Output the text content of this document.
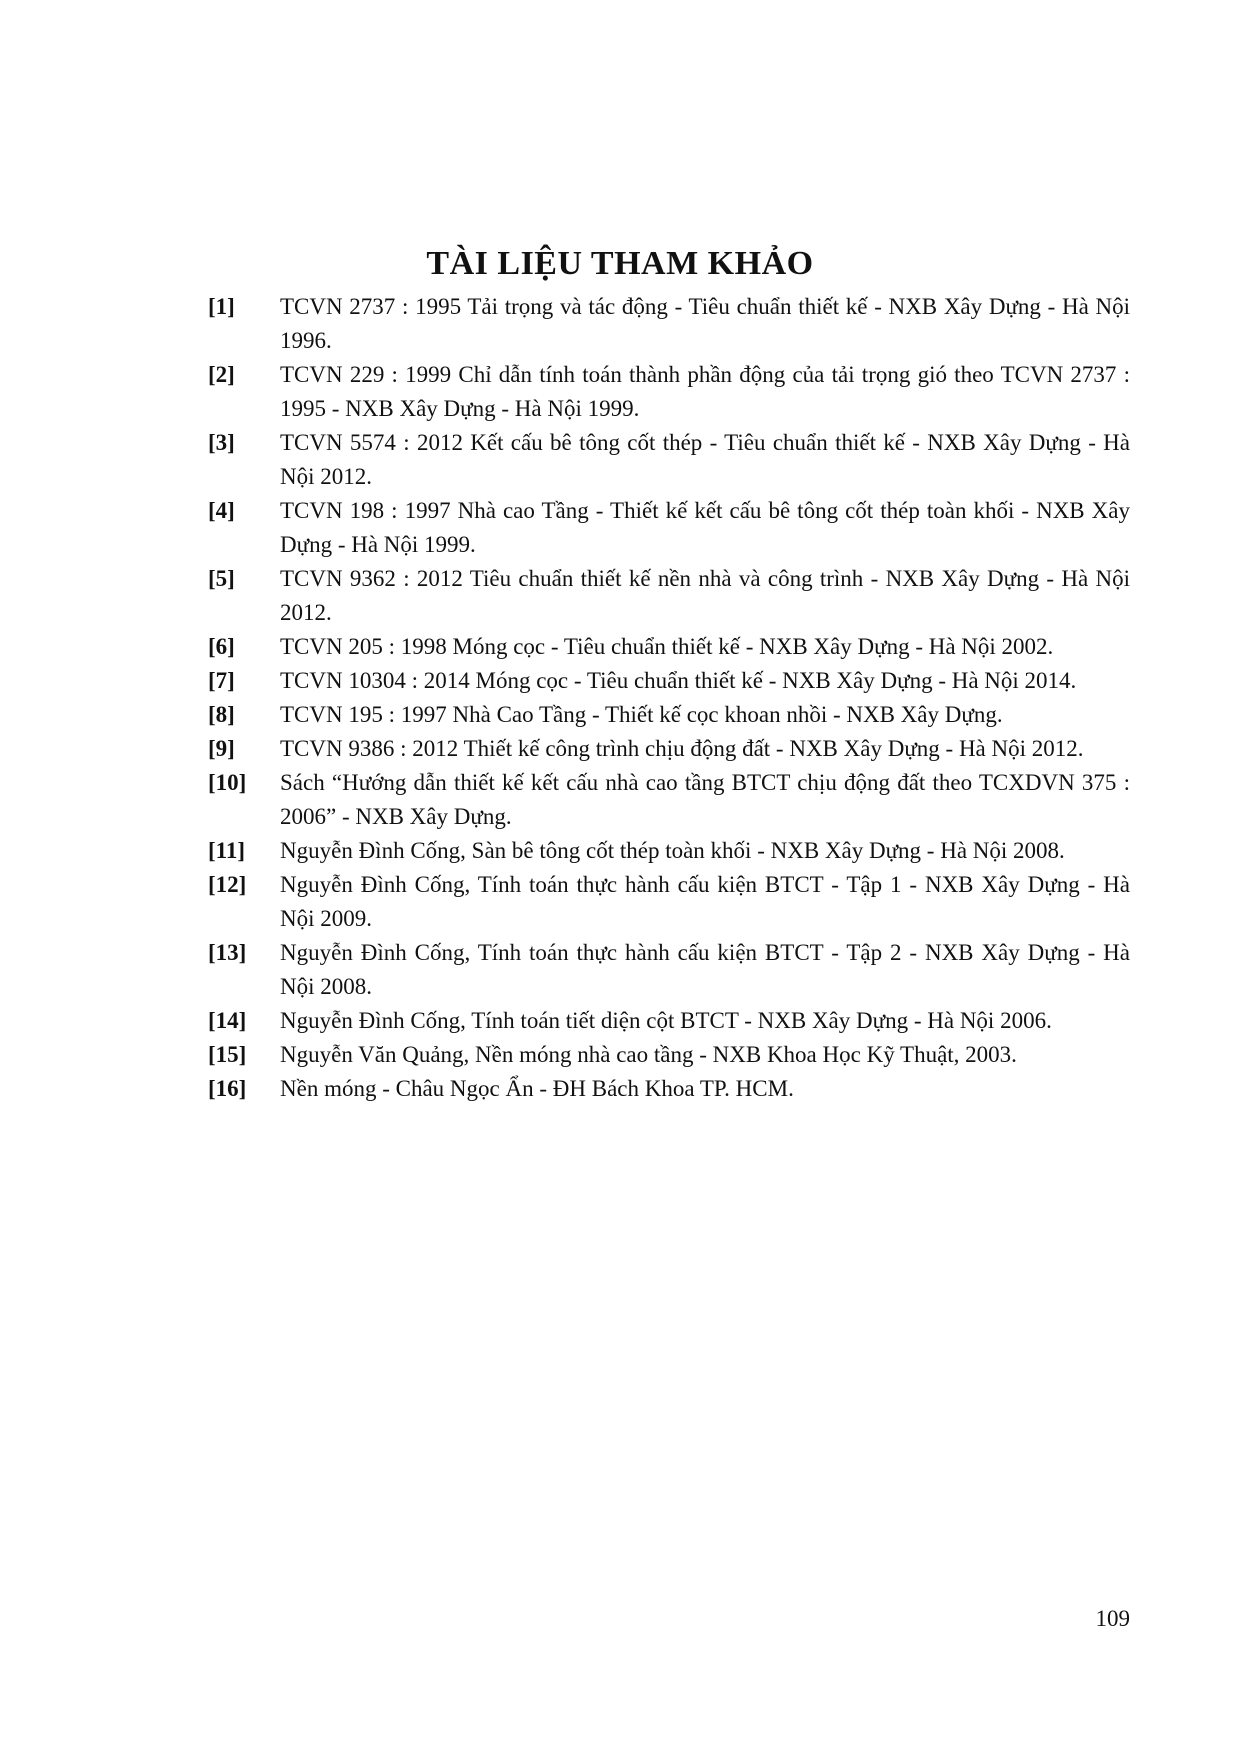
TÀI LIỆU THAM KHẢO
[1]	TCVN 2737 : 1995 Tải trọng và tác động - Tiêu chuẩn thiết kế - NXB Xây Dựng - Hà Nội 1996.
[2]	TCVN 229 : 1999 Chỉ dẫn tính toán thành phần động của tải trọng gió theo TCVN 2737 : 1995 - NXB Xây Dựng - Hà Nội 1999.
[3]	TCVN 5574 : 2012 Kết cấu bê tông cốt thép - Tiêu chuẩn thiết kế - NXB Xây Dựng - Hà Nội 2012.
[4]	TCVN 198 : 1997 Nhà cao Tầng - Thiết kế kết cấu bê tông cốt thép toàn khối - NXB Xây Dựng - Hà Nội 1999.
[5]	TCVN 9362 : 2012 Tiêu chuẩn thiết kế nền nhà và công trình - NXB Xây Dựng - Hà Nội 2012.
[6]	TCVN 205 : 1998 Móng cọc - Tiêu chuẩn thiết kế - NXB Xây Dựng - Hà Nội 2002.
[7]	TCVN 10304 : 2014 Móng cọc - Tiêu chuẩn thiết kế - NXB Xây Dựng - Hà Nội 2014.
[8]	TCVN 195 : 1997 Nhà Cao Tầng - Thiết kế cọc khoan nhồi - NXB Xây Dựng.
[9]	TCVN 9386 : 2012 Thiết kế công trình chịu động đất - NXB Xây Dựng - Hà Nội 2012.
[10]	Sách “Hướng dẫn thiết kế kết cấu nhà cao tầng BTCT chịu động đất theo TCXDVN 375 : 2006” - NXB Xây Dựng.
[11]	Nguyễn Đình Cống, Sàn bê tông cốt thép toàn khối - NXB Xây Dựng - Hà Nội 2008.
[12]	Nguyễn Đình Cống, Tính toán thực hành cấu kiện BTCT - Tập 1 - NXB Xây Dựng - Hà Nội 2009.
[13]	Nguyễn Đình Cống, Tính toán thực hành cấu kiện BTCT - Tập 2 - NXB Xây Dựng - Hà Nội 2008.
[14]	Nguyễn Đình Cống, Tính toán tiết diện cột BTCT - NXB Xây Dựng - Hà Nội 2006.
[15]	Nguyễn Văn Quảng, Nền móng nhà cao tầng - NXB Khoa Học Kỹ Thuật, 2003.
[16]	Nền móng - Châu Ngọc Ẩn - ĐH Bách Khoa TP. HCM.
109
